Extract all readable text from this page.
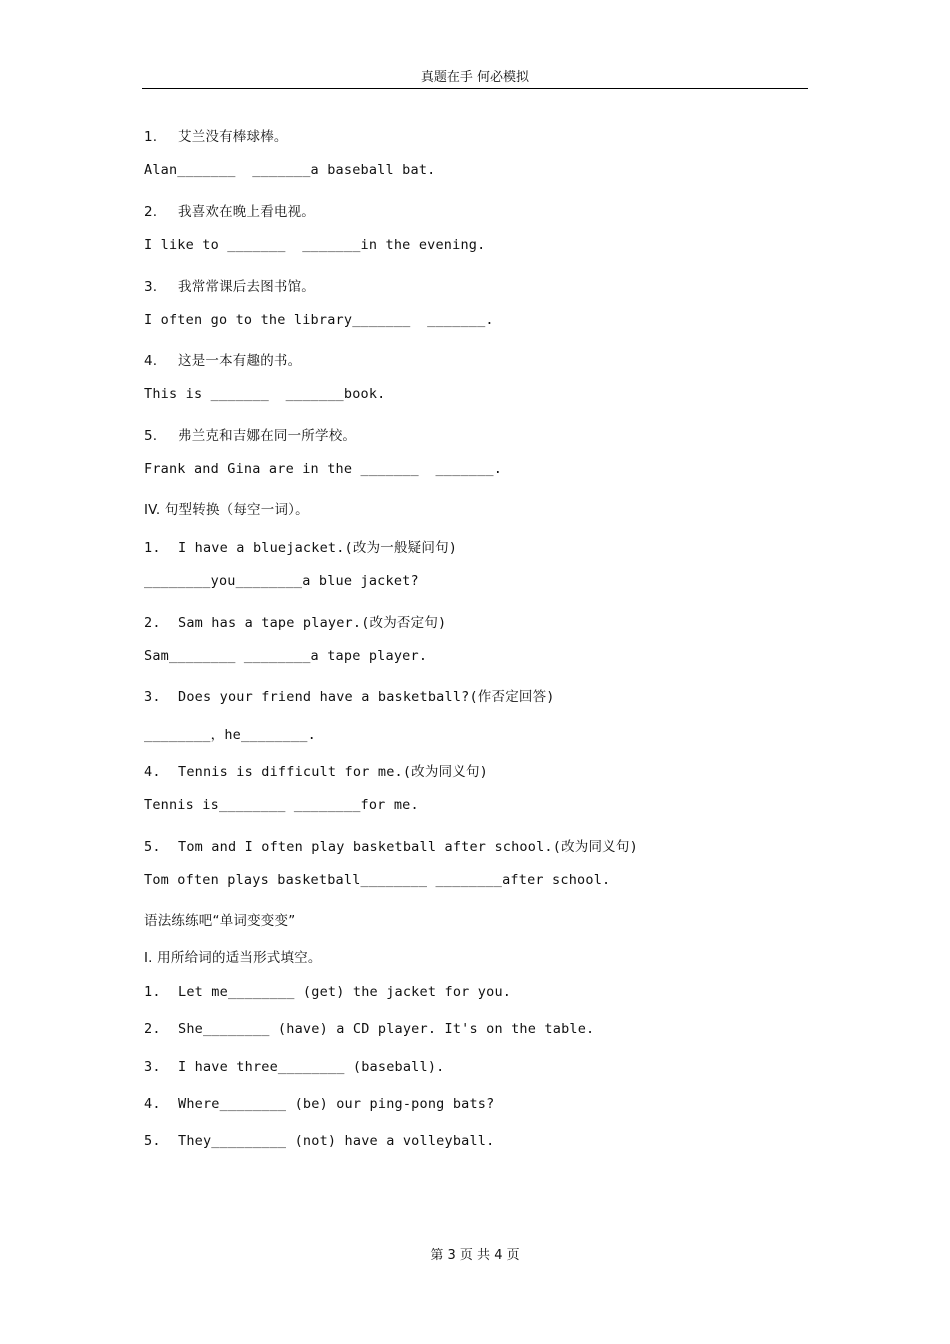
真题在手 何必模拟
1. 艾兰没有棒球棒。
Alan_______  _______a baseball bat.
2. 我喜欢在晚上看电视。
I like to _______  _______in the evening.
3. 我常常课后去图书馆。
I often go to the library_______  _______.
4. 这是一本有趣的书。
This is _______  _______book.
5. 弗兰克和吉娜在同一所学校。
Frank and Gina are in the _______  _______.
IV. 句型转换（每空一词）。
1. I have a bluejacket.(改为一般疑问句)
________you________a blue jacket?
2. Sam has a tape player.(改为否定句)
Sam________ ________a tape player.
3. Does your friend have a basketball?(作否定回答)
________，he________.
4. Tennis is difficult for me.(改为同义句)
Tennis is________ ________for me.
5. Tom and I often play basketball after school.(改为同义句)
Tom often plays basketball________ ________after school.
语法练练吧“单词变变变”
I. 用所给词的适当形式填空。
1. Let me________ (get) the jacket for you.
2. She________ (have) a CD player. It's on the table.
3. I have three________ (baseball).
4. Where________ (be) our ping-pong bats?
5. They_________ (not) have a volleyball.
第 3 页 共 4 页
